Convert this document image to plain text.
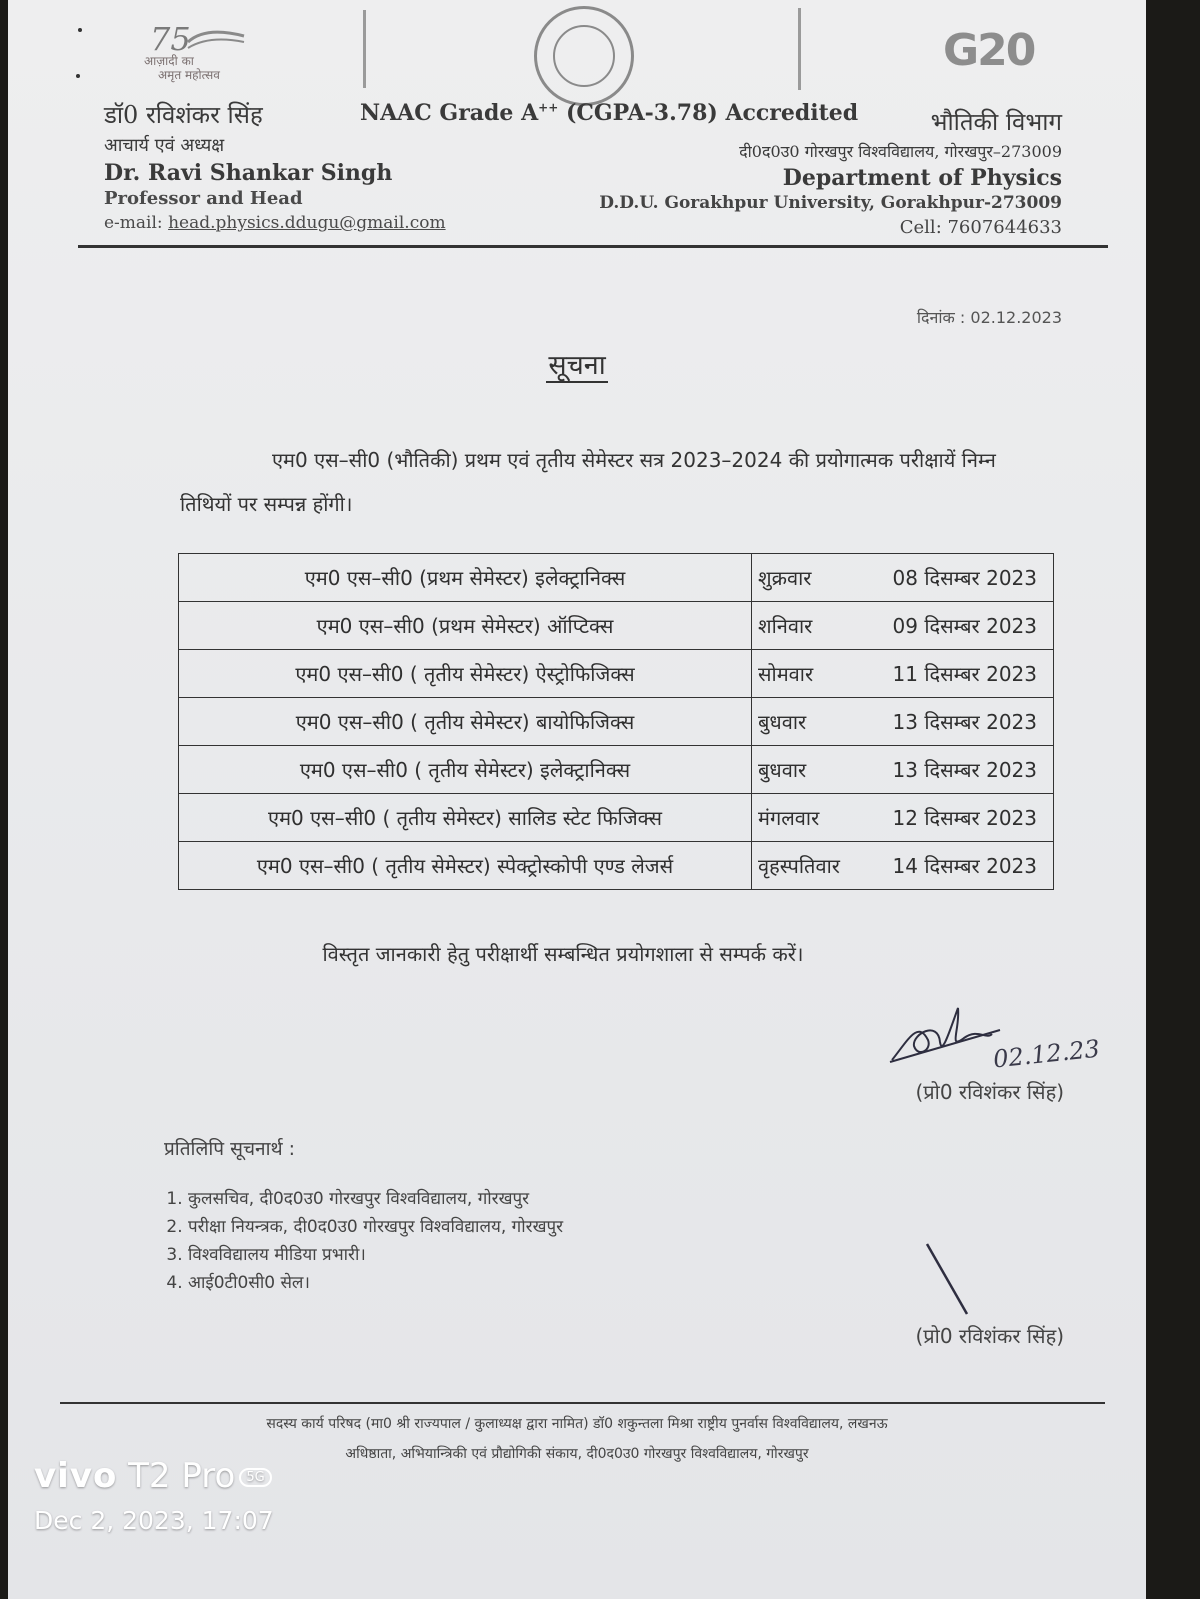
75
आज़ादी का
अमृत महोत्सव	G20
डॉ0 रविशंकर सिंह	NAAC Grade A++ (CGPA-3.78) Accredited	भौतिकी विभाग
आचार्य एवं अध्यक्ष	दी0द0उ0 गोरखपुर विश्वविद्यालय, गोरखपुर–273009
Dr. Ravi Shankar Singh	Department of Physics
Professor and Head	D.D.U. Gorakhpur University, Gorakhpur-273009
e-mail: head.physics.ddugu@gmail.com	Cell: 7607644633
दिनांक : 02.12.2023
सूचना
एम0 एस–सी0 (भौतिकी) प्रथम एवं तृतीय सेमेस्टर सत्र 2023–2024 की प्रयोगात्मक परीक्षायें निम्न तिथियों पर सम्पन्न होंगी।
एम0 एस–सी0 (प्रथम सेमेस्टर) इलेक्ट्रानिक्स	शुक्रवार	08 दिसम्बर 2023
एम0 एस–सी0 (प्रथम सेमेस्टर) ऑप्टिक्स	शनिवार	09 दिसम्बर 2023
एम0 एस–सी0 ( तृतीय सेमेस्टर) ऐस्ट्रोफिजिक्स	सोमवार	11 दिसम्बर 2023
एम0 एस–सी0 ( तृतीय सेमेस्टर) बायोफिजिक्स	बुधवार	13 दिसम्बर 2023
एम0 एस–सी0 ( तृतीय सेमेस्टर) इलेक्ट्रानिक्स	बुधवार	13 दिसम्बर 2023
एम0 एस–सी0 ( तृतीय सेमेस्टर) सालिड स्टेट फिजिक्स	मंगलवार	12 दिसम्बर 2023
एम0 एस–सी0 ( तृतीय सेमेस्टर) स्पेक्ट्रोस्कोपी एण्ड लेजर्स	वृहस्पतिवार	14 दिसम्बर 2023
विस्तृत जानकारी हेतु परीक्षार्थी सम्बन्धित प्रयोगशाला से सम्पर्क करें।
02.12.23
(प्रो0 रविशंकर सिंह)
प्रतिलिपि सूचनार्थ :
1. कुलसचिव, दी0द0उ0 गोरखपुर विश्वविद्यालय, गोरखपुर
2. परीक्षा नियन्त्रक, दी0द0उ0 गोरखपुर विश्वविद्यालय, गोरखपुर
3. विश्वविद्यालय मीडिया प्रभारी।
4. आई0टी0सी0 सेल।
(प्रो0 रविशंकर सिंह)
सदस्य कार्य परिषद (मा0 श्री राज्यपाल / कुलाध्यक्ष द्वारा नामित) डॉ0 शकुन्तला मिश्रा राष्ट्रीय पुनर्वास विश्वविद्यालय, लखनऊ
अधिष्ठाता, अभियान्त्रिकी एवं प्रौद्योगिकी संकाय, दी0द0उ0 गोरखपुर विश्वविद्यालय, गोरखपुर
vivo T2 Pro 5G
Dec 2, 2023, 17:07
